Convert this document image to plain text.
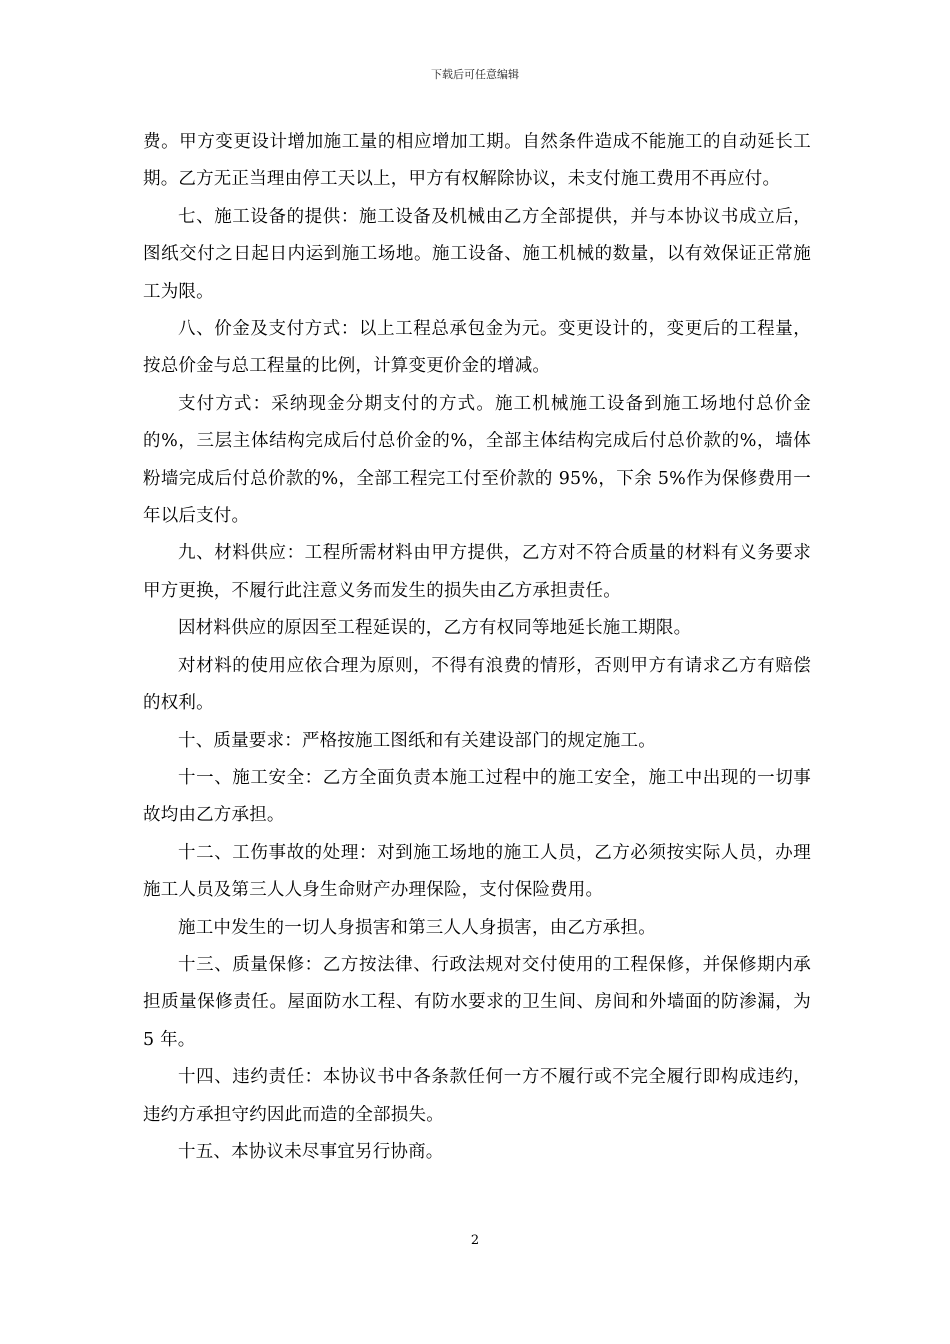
下载后可任意编辑

费。甲方变更设计增加施工量的相应增加工期。自然条件造成不能施工的自动延长工期。乙方无正当理由停工天以上，甲方有权解除协议，未支付施工费用不再应付。

七、施工设备的提供：施工设备及机械由乙方全部提供，并与本协议书成立后，图纸交付之日起日内运到施工场地。施工设备、施工机械的数量，以有效保证正常施工为限。

八、价金及支付方式：以上工程总承包金为元。变更设计的，变更后的工程量，按总价金与总工程量的比例，计算变更价金的增减。

支付方式：采纳现金分期支付的方式。施工机械施工设备到施工场地付总价金的%，三层主体结构完成后付总价金的%，全部主体结构完成后付总价款的%，墙体粉墙完成后付总价款的%，全部工程完工付至价款的 95%，下余 5%作为保修费用一年以后支付。

九、材料供应：工程所需材料由甲方提供，乙方对不符合质量的材料有义务要求甲方更换，不履行此注意义务而发生的损失由乙方承担责任。

因材料供应的原因至工程延误的，乙方有权同等地延长施工期限。

对材料的使用应依合理为原则，不得有浪费的情形，否则甲方有请求乙方有赔偿的权利。

十、质量要求：严格按施工图纸和有关建设部门的规定施工。

十一、施工安全：乙方全面负责本施工过程中的施工安全，施工中出现的一切事故均由乙方承担。

十二、工伤事故的处理：对到施工场地的施工人员，乙方必须按实际人员，办理施工人员及第三人人身生命财产办理保险，支付保险费用。

施工中发生的一切人身损害和第三人人身损害，由乙方承担。

十三、质量保修：乙方按法律、行政法规对交付使用的工程保修，并保修期内承担质量保修责任。屋面防水工程、有防水要求的卫生间、房间和外墙面的防渗漏，为 5 年。

十四、违约责任：本协议书中各条款任何一方不履行或不完全履行即构成违约，违约方承担守约因此而造的全部损失。

十五、本协议未尽事宜另行协商。

2
